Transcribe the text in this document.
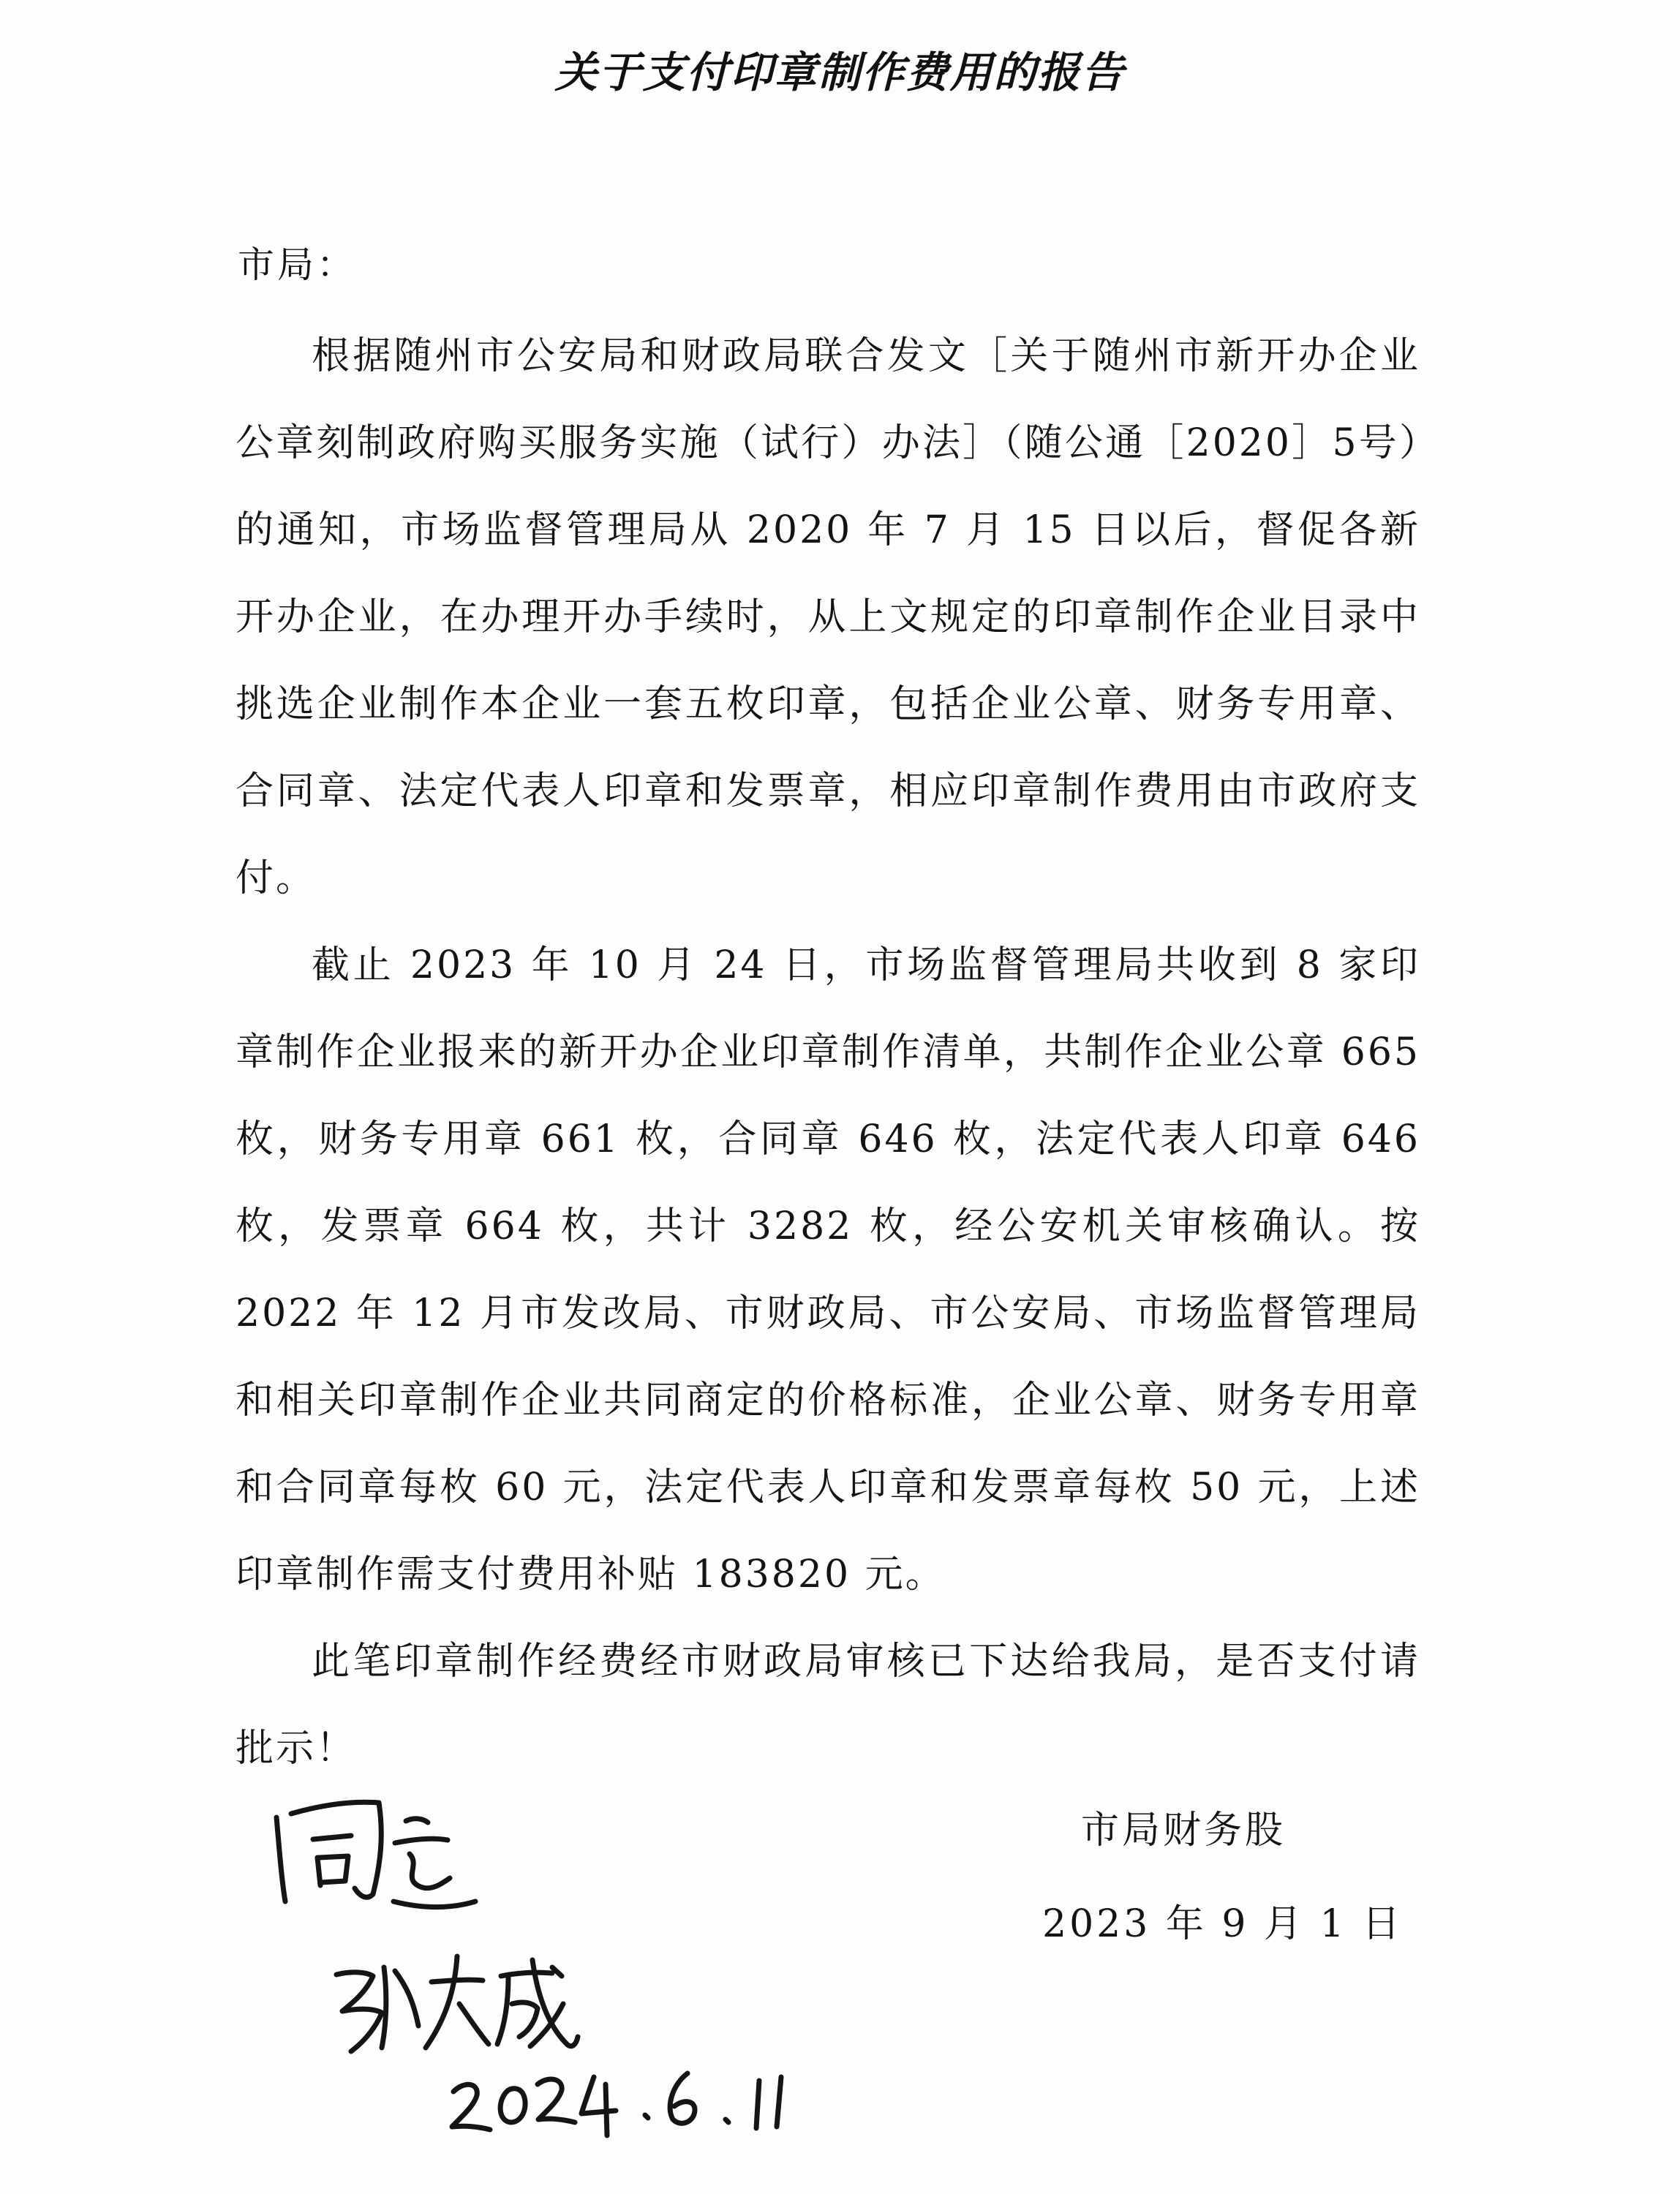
关于支付印章制作费用的报告
市局：

根据随州市公安局和财政局联合发文［关于随州市新开办企业公章刻制政府购买服务实施（试行）办法］（随公通［2020］5号）的通知，市场监督管理局从 2020 年 7 月 15 日以后，督促各新开办企业，在办理开办手续时，从上文规定的印章制作企业目录中挑选企业制作本企业一套五枚印章，包括企业公章、财务专用章、合同章、法定代表人印章和发票章，相应印章制作费用由市政府支付。

截止 2023 年 10 月 24 日，市场监督管理局共收到 8 家印章制作企业报来的新开办企业印章制作清单，共制作企业公章 665 枚，财务专用章 661 枚，合同章 646 枚，法定代表人印章 646 枚，发票章 664 枚，共计 3282 枚，经公安机关审核确认。按 2022 年 12 月市发改局、市财政局、市公安局、市场监督管理局和相关印章制作企业共同商定的价格标准，企业公章、财务专用章和合同章每枚 60 元，法定代表人印章和发票章每枚 50 元，上述印章制作需支付费用补贴 183820 元。

此笔印章制作经费经市财政局审核已下达给我局，是否支付请批示！

市局财务股
2023 年 9 月 1 日
